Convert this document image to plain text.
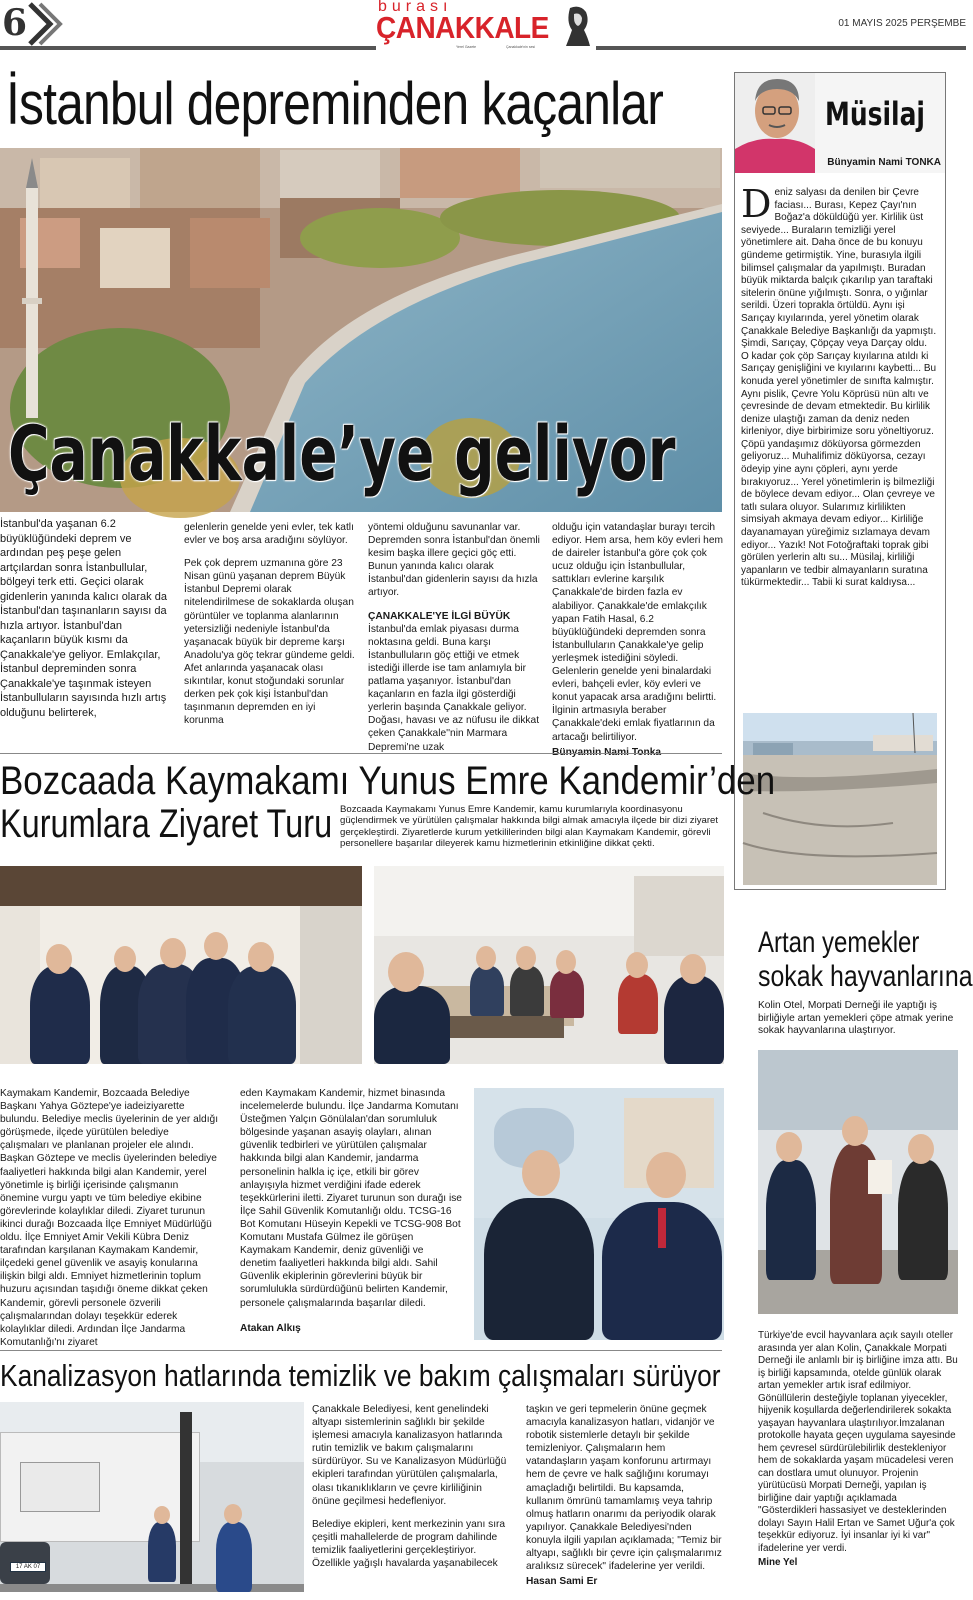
6	burası
ÇANAKKALE
Yerel Gazete	Çanakkale'nin sesi
01 MAYIS 2025 PERŞEMBE
İstanbul depreminden kaçanlar
Çanakkale’ye geliyor
İstanbul'da yaşanan 6.2 büyüklüğündeki deprem ve ardından peş peşe gelen artçılardan sonra İstanbullular, bölgeyi terk etti. Geçici olarak gidenlerin yanında kalıcı olarak da İstanbul'dan taşınanların sayısı da hızla artıyor. İstanbul'dan kaçanların büyük kısmı da Çanakkale'ye geliyor. Emlakçılar, İstanbul depreminden sonra Çanakkale'ye taşınmak isteyen İstanbulluların sayısında hızlı artış olduğunu belirterek,

gelenlerin genelde yeni evler, tek katlı evler ve boş arsa aradığını söylüyor.

Pek çok deprem uzmanına göre 23 Nisan günü yaşanan deprem Büyük İstanbul Depremi olarak nitelendirilmese de sokaklarda oluşan görüntüler ve toplanma alanlarının yetersizliği nedeniyle İstanbul'da yaşanacak büyük bir depreme karşı Anadolu'ya göç tekrar gündeme geldi. Afet anlarında yaşanacak olası sıkıntılar, konut stoğundaki sorunlar derken pek çok kişi İstanbul'dan taşınmanın depremden en iyi korunma

yöntemi olduğunu savunanlar var. Depremden sonra İstanbul'dan önemli kesim başka illere geçici göç etti. Bunun yanında kalıcı olarak İstanbul'dan gidenlerin sayısı da hızla artıyor.

ÇANAKKALE'YE İLGİ BÜYÜK

İstanbul'da emlak piyasası durma noktasına geldi. Buna karşı İstanbulluların göç ettiği ve etmek istediği illerde ise tam anlamıyla bir patlama yaşanıyor. İstanbul'dan kaçanların en fazla ilgi gösterdiği yerlerin başında Çanakkale geliyor. Doğası, havası ve az nüfusu ile dikkat çeken Çanakkale''nin Marmara Depremi'ne uzak

olduğu için vatandaşlar burayı tercih ediyor. Hem arsa, hem köy evleri hem de daireler İstanbul'a göre çok çok ucuz olduğu için İstanbullular, sattıkları evlerine karşılık Çanakkale'de birden fazla ev alabiliyor. Çanakkale'de emlakçılık yapan Fatih Hasal, 6.2 büyüklüğündeki depremden sonra İstanbulluların Çanakkale'ye gelip yerleşmek istediğini söyledi. Gelenlerin genelde yeni binalardaki evleri, bahçeli evler, köy evleri ve konut yapacak arsa aradığını belirtti. İlginin artmasıyla beraber Çanakkale'deki emlak fiyatlarının da artacağı belirtiliyor.
Müsilaj
Bünyamin Nami TONKA
D eniz salyası da denilen bir Çevre faciası... Burası, Kepez Çayı'nın Boğaz'a döküldüğü yer. Kirlilik üst seviyede... Buraların temizliği yerel yönetimlere ait. Daha önce de bu konuyu gündeme getirmiştik. Yine, burasıyla ilgili bilimsel çalışmalar da yapılmıştı. Buradan büyük miktarda balçık çıkarılıp yan taraftaki sitelerin önüne yığılmıştı. Sonra, o yığınlar serildi. Üzeri toprakla örtüldü. Aynı işi Sarıçay kıyılarında, yerel yönetim olarak Çanakkale Belediye Başkanlığı da yapmıştı. Şimdi, Sarıçay, Çöpçay veya Darçay oldu. O kadar çok çöp Sarıçay kıyılarına atıldı ki Sarıçay genişliğini ve kıyılarını kaybetti... Bu konuda yerel yönetimler de sınıfta kalmıştır. Aynı pislik, Çevre Yolu Köprüsü nün altı ve çevresinde de devam etmektedir. Bu kirlilik denize ulaştığı zaman da deniz neden kirleniyor, diye birbirimize soru yöneltiyoruz. Çöpü yandaşımız döküyorsa görmezden geliyoruz... Muhalifimiz döküyorsa, cezayı ödeyip yine aynı çöpleri, aynı yerde bırakıyoruz... Yerel yönetimlerin iş bilmezliği de böylece devam ediyor... Olan çevreye ve tatlı sulara oluyor. Sularımız kirlilikten simsiyah akmaya devam ediyor... Kirliliğe dayanamayan yüreğimiz sızlamaya devam ediyor... Yazık! Not Fotoğraftaki toprak gibi görülen yerlerin altı su... Müsilaj, kirliliği yapanların ve tedbir almayanların suratına tükürmektedir... Tabii ki surat kaldıysa...
Bozcaada Kaymakamı Yunus Emre Kandemir’den
Kurumlara Ziyaret Turu Bozcaada Kaymakamı Yunus Emre Kandemir, kamu kurumlarıyla koordinasyonu güçlendirmek ve yürütülen çalışmalar hakkında bilgi almak amacıyla ilçede bir dizi ziyaret gerçekleştirdi. Ziyaretlerde kurum yetkililerinden bilgi alan Kaymakam Kandemir, görevli personellere başarılar dileyerek kamu hizmetlerinin etkinliğine dikkat çekti.
Kaymakam Kandemir, Bozcaada Belediye Başkanı Yahya Göztepe'ye iadeiziyarette bulundu. Belediye meclis üyelerinin de yer aldığı görüşmede, ilçede yürütülen belediye çalışmaları ve planlanan projeler ele alındı. Başkan Göztepe ve meclis üyelerinden belediye faaliyetleri hakkında bilgi alan Kandemir, yerel yönetimle iş birliği içerisinde çalışmanın önemine vurgu yaptı ve tüm belediye ekibine görevlerinde kolaylıklar diledi. Ziyaret turunun ikinci durağı Bozcaada İlçe Emniyet Müdürlüğü oldu. İlçe Emniyet Amir Vekili Kübra Deniz tarafından karşılanan Kaymakam Kandemir, ilçedeki genel güvenlik ve asayiş konularına ilişkin bilgi aldı. Emniyet hizmetlerinin toplum huzuru açısından taşıdığı öneme dikkat çeken Kandemir, görevli personele özverili çalışmalarından dolayı teşekkür ederek kolaylıklar diledi. Ardından İlçe Jandarma Komutanlığı'nı ziyaret
eden Kaymakam Kandemir, hizmet binasında incelemelerde bulundu. İlçe Jandarma Komutanı Üsteğmen Yalçın Gönülalan'dan sorumluluk bölgesinde yaşanan asayiş olayları, alınan güvenlik tedbirleri ve yürütülen çalışmalar hakkında bilgi alan Kandemir, jandarma personelinin halkla iç içe, etkili bir görev anlayışıyla hizmet verdiğini ifade ederek teşekkürlerini iletti. Ziyaret turunun son durağı ise İlçe Sahil Güvenlik Komutanlığı oldu. TCSG-16 Bot Komutanı Hüseyin Kepekli ve TCSG-908 Bot Komutanı Mustafa Gülmez ile görüşen Kaymakam Kandemir, deniz güvenliği ve denetim faaliyetleri hakkında bilgi aldı. Sahil Güvenlik ekiplerinin görevlerini büyük bir sorumlulukla sürdürdüğünü belirten Kandemir, personele çalışmalarında başarılar diledi.
Atakan Alkış
Artan yemekler
sokak hayvanlarına
Kolin Otel, Morpati Derneği ile yaptığı iş birliğiyle artan yemekleri çöpe atmak yerine sokak hayvanlarına ulaştırıyor.
Türkiye'de evcil hayvanlara açık sayılı oteller arasında yer alan Kolin, Çanakkale Morpati Derneği ile anlamlı bir iş birliğine imza attı. Bu iş birliği kapsamında, otelde günlük olarak artan yemekler artık israf edilmiyor. Gönüllülerin desteğiyle toplanan yiyecekler, hijyenik koşullarda değerlendirilerek sokakta yaşayan hayvanlara ulaştırılıyor.İmzalanan protokolle hayata geçen uygulama sayesinde hem çevresel sürdürülebilirlik destekleniyor hem de sokaklarda yaşam mücadelesi veren can dostlara umut olunuyor. Projenin yürütücüsü Morpati Derneği, yapılan iş birliğine dair yaptığı açıklamada "Gösterdikleri hassasiyet ve desteklerinden dolayı Sayın Halil Ertan ve Samet Uğur'a çok teşekkür ediyoruz. İyi insanlar iyi ki var" ifadelerine yer verdi.
Mine Yel
Kanalizasyon hatlarında temizlik ve bakım çalışmaları sürüyor
17 AK 07

Çanakkale Belediyesi, kent genelindeki altyapı sistemlerinin sağlıklı bir şekilde işlemesi amacıyla kanalizasyon hatlarında rutin temizlik ve bakım çalışmalarını sürdürüyor. Su ve Kanalizasyon Müdürlüğü ekipleri tarafından yürütülen çalışmalarla, olası tıkanıklıkların ve çevre kirliliğinin önüne geçilmesi hedefleniyor.

Belediye ekipleri, kent merkezinin yanı sıra çeşitli mahallelerde de program dahilinde temizlik faaliyetlerini gerçekleştiriyor. Özellikle yağışlı havalarda yaşanabilecek

taşkın ve geri tepmelerin önüne geçmek amacıyla kanalizasyon hatları, vidanjör ve robotik sistemlerle detaylı bir şekilde temizleniyor. Çalışmaların hem vatandaşların yaşam konforunu artırmayı hem de çevre ve halk sağlığını korumayı amaçladığı belirtildi. Bu kapsamda, kullanım ömrünü tamamlamış veya tahrip olmuş hatların onarımı da periyodik olarak yapılıyor. Çanakkale Belediyesi'nden konuyla ilgili yapılan açıklamada; "Temiz bir altyapı, sağlıklı bir çevre için çalışmalarımız aralıksız sürecek" ifadelerine yer verildi.
Hasan Sami Er
